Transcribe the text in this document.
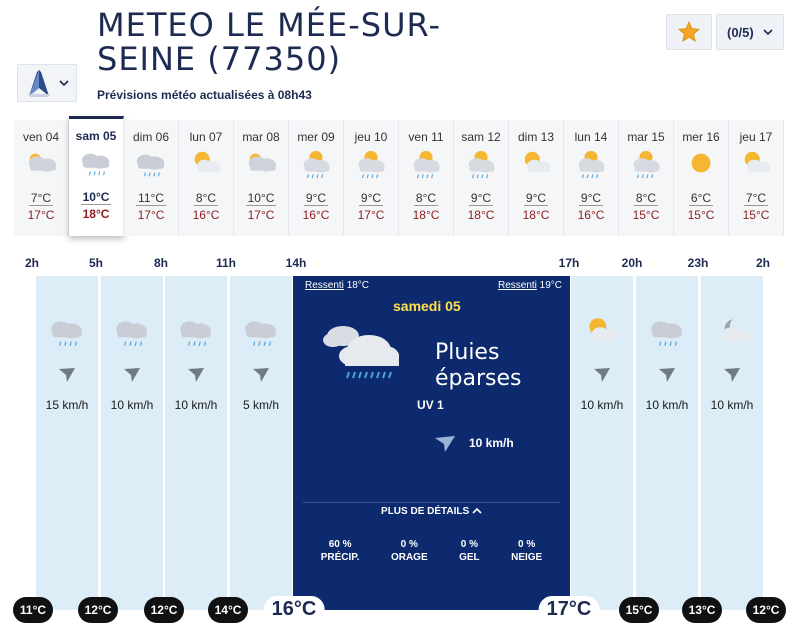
METEO LE MÉE-SUR-SEINE (77350)
Prévisions météo actualisées à 08h43
(0/5)
ven 04
7°C
17°C
sam 05
10°C
18°C
dim 06
11°C
17°C
lun 07
8°C
16°C
mar 08
10°C
17°C
mer 09
9°C
16°C
jeu 10
9°C
17°C
ven 11
8°C
18°C
sam 12
9°C
18°C
dim 13
9°C
18°C
lun 14
9°C
16°C
mar 15
8°C
15°C
mer 16
6°C
15°C
jeu 17
7°C
15°C
2h	5h	8h	11h	14h	17h	20h	23h	2h
15 km/h	10 km/h	10 km/h	5 km/h	10 km/h	10 km/h	10 km/h
Ressenti 18°C	Ressenti 19°C
samedi 05
Pluies
éparses
UV 1
10 km/h
PLUS DE DÉTAILS
60 %
PRÉCIP.
0 %
ORAGE
0 %
GEL
0 %
NEIGE
11°C	12°C	12°C	14°C	16°C	17°C	15°C	13°C	12°C
